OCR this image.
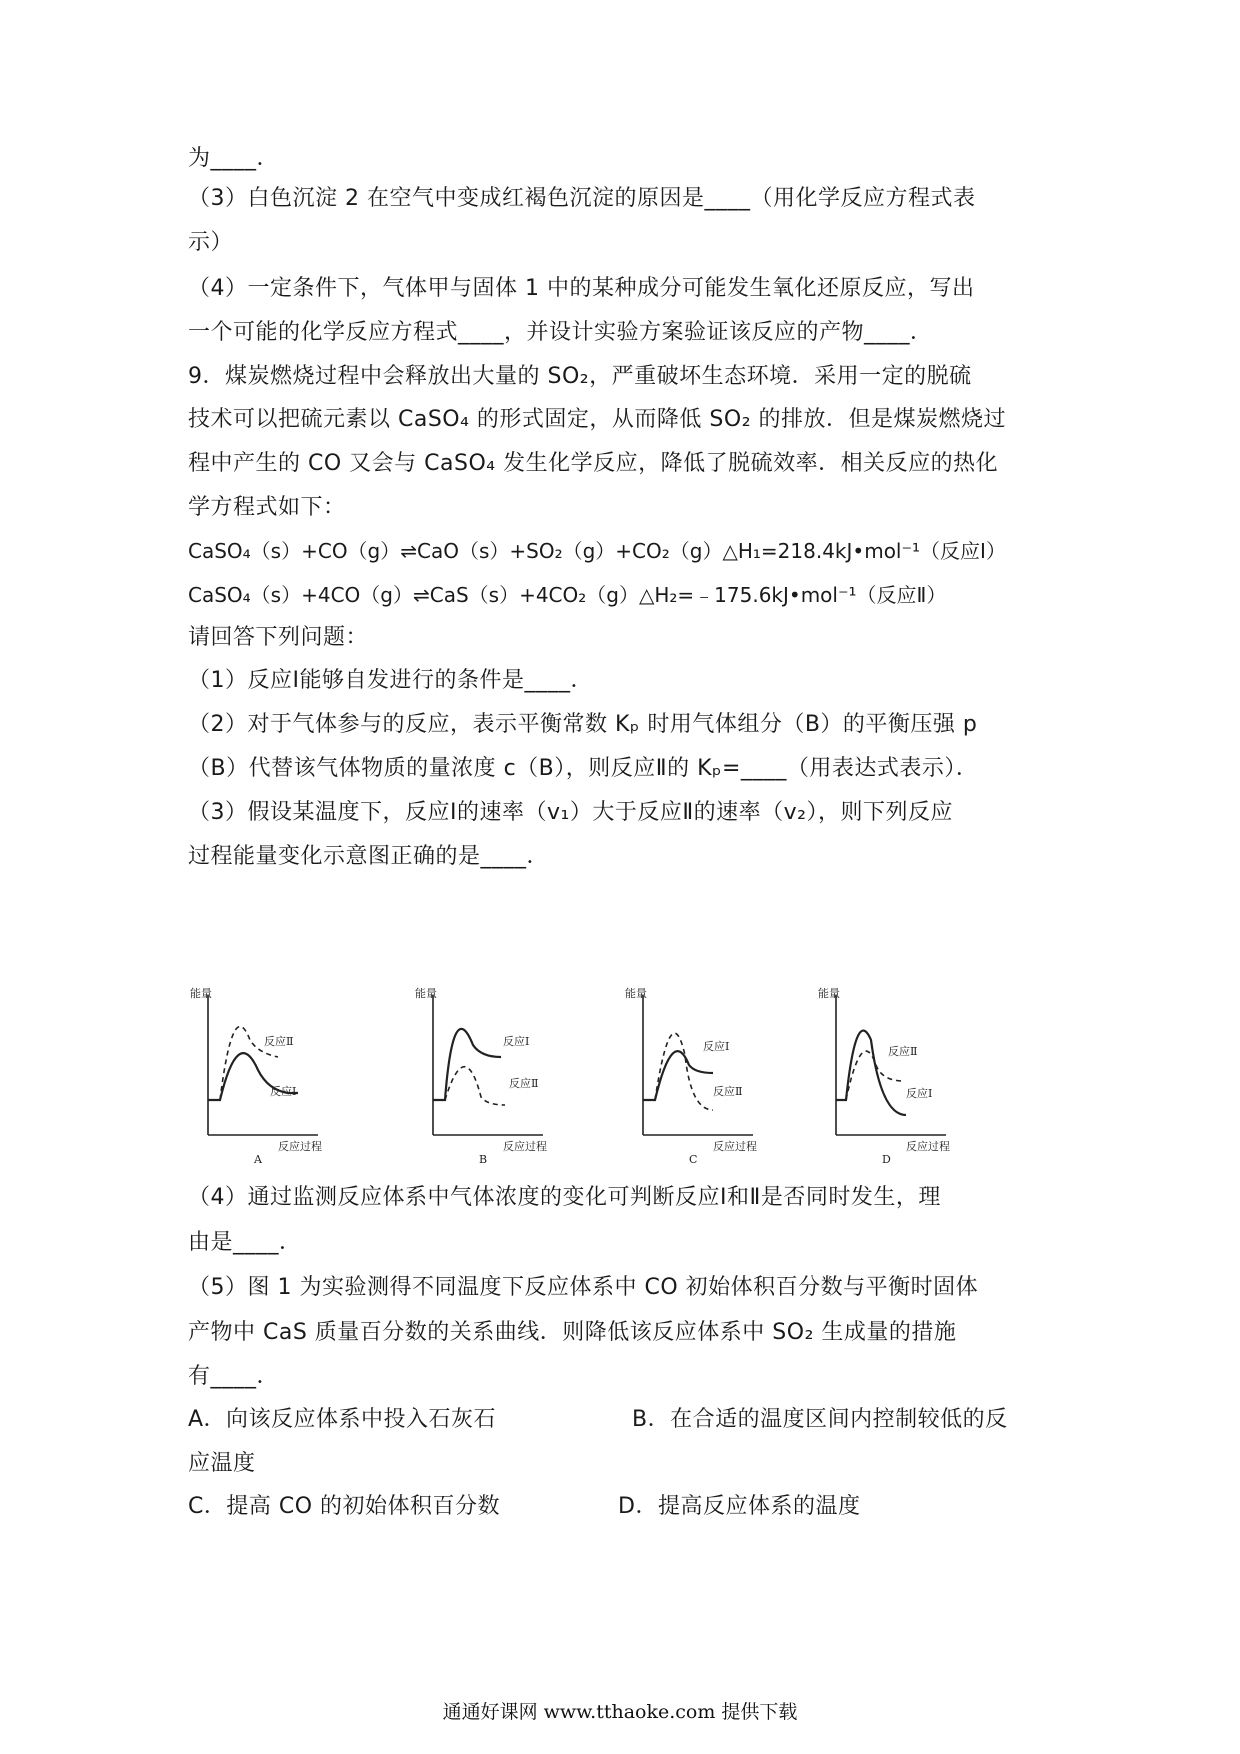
为____．
（3）白色沉淀 2 在空气中变成红褐色沉淀的原因是____（用化学反应方程式表
示）
（4）一定条件下，气体甲与固体 1 中的某种成分可能发生氧化还原反应，写出
一个可能的化学反应方程式____，并设计实验方案验证该反应的产物____．
9．煤炭燃烧过程中会释放出大量的 SO₂，严重破坏生态环境．采用一定的脱硫
技术可以把硫元素以 CaSO₄ 的形式固定，从而降低 SO₂ 的排放．但是煤炭燃烧过
程中产生的 CO 又会与 CaSO₄ 发生化学反应，降低了脱硫效率．相关反应的热化
学方程式如下：
CaSO₄（s）+CO（g）⇌CaO（s）+SO₂（g）+CO₂（g）△H₁=218.4kJ•mol⁻¹（反应Ⅰ）
CaSO₄（s）+4CO（g）⇌CaS（s）+4CO₂（g）△H₂=﹣175.6kJ•mol⁻¹（反应Ⅱ）
请回答下列问题：
（1）反应Ⅰ能够自发进行的条件是____．
（2）对于气体参与的反应，表示平衡常数 Kₚ 时用气体组分（B）的平衡压强 p
（B）代替该气体物质的量浓度 c（B），则反应Ⅱ的 Kₚ=____（用表达式表示）．
（3）假设某温度下，反应Ⅰ的速率（v₁）大于反应Ⅱ的速率（v₂），则下列反应
过程能量变化示意图正确的是____．
能量
反应过程
反应Ⅱ
反应Ⅰ
A
能量
反应过程
反应Ⅰ
反应Ⅱ
B
能量
反应过程
反应Ⅰ
反应Ⅱ
C
能量
反应过程
反应Ⅱ
反应Ⅰ
D
（4）通过监测反应体系中气体浓度的变化可判断反应Ⅰ和Ⅱ是否同时发生，理
由是____．
（5）图 1 为实验测得不同温度下反应体系中 CO 初始体积百分数与平衡时固体
产物中 CaS 质量百分数的关系曲线．则降低该反应体系中 SO₂ 生成量的措施
有____．
A．向该反应体系中投入石灰石	B．在合适的温度区间内控制较低的反
应温度
C．提高 CO 的初始体积百分数	D．提高反应体系的温度
通通好课网 www.tthaoke.com 提供下载
